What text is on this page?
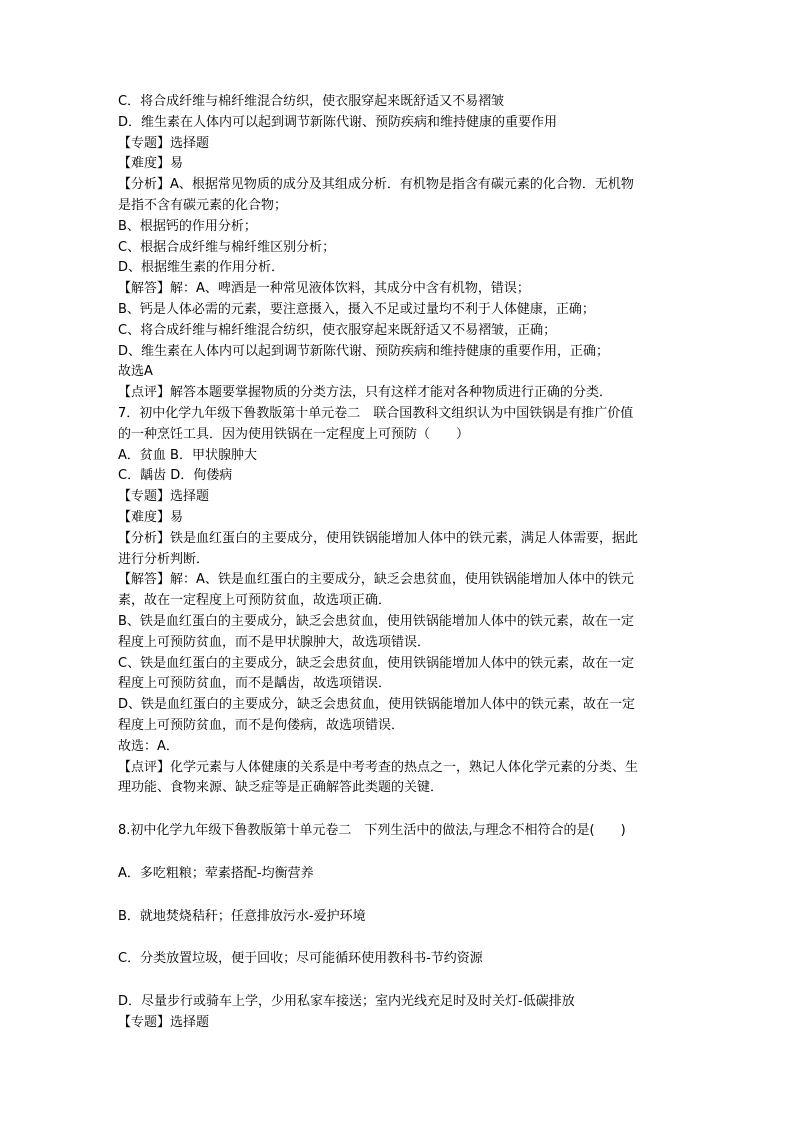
C．将合成纤维与棉纤维混合纺织，使衣服穿起来既舒适又不易褶皱

D．维生素在人体内可以起到调节新陈代谢、预防疾病和维持健康的重要作用

【专题】选择题

【难度】易

【分析】A、根据常见物质的成分及其组成分析．有机物是指含有碳元素的化合物．无机物

是指不含有碳元素的化合物；

B、根据钙的作用分析；

C、根据合成纤维与棉纤维区别分析；

D、根据维生素的作用分析．

【解答】解：A、啤酒是一种常见液体饮料，其成分中含有机物，错误；

B、钙是人体必需的元素，要注意摄入，摄入不足或过量均不利于人体健康，正确；

C、将合成纤维与棉纤维混合纺织，使衣服穿起来既舒适又不易褶皱，正确；

D、维生素在人体内可以起到调节新陈代谢、预防疾病和维持健康的重要作用，正确；

故选A

【点评】解答本题要掌握物质的分类方法，只有这样才能对各种物质进行正确的分类．

7．初中化学九年级下鲁教版第十单元卷二　联合国教科文组织认为中国铁锅是有推广价值

的一种烹饪工具．因为使用铁锅在一定程度上可预防（　　）

A．贫血 B．甲状腺肿大

C．龋齿 D．佝偻病

【专题】选择题

【难度】易

【分析】铁是血红蛋白的主要成分，使用铁锅能增加人体中的铁元素，满足人体需要，据此

进行分析判断．

【解答】解：A、铁是血红蛋白的主要成分，缺乏会患贫血，使用铁锅能增加人体中的铁元

素，故在一定程度上可预防贫血，故选项正确．

B、铁是血红蛋白的主要成分，缺乏会患贫血，使用铁锅能增加人体中的铁元素，故在一定

程度上可预防贫血，而不是甲状腺肿大，故选项错误．

C、铁是血红蛋白的主要成分，缺乏会患贫血，使用铁锅能增加人体中的铁元素，故在一定

程度上可预防贫血，而不是龋齿，故选项错误．

D、铁是血红蛋白的主要成分，缺乏会患贫血，使用铁锅能增加人体中的铁元素，故在一定

程度上可预防贫血，而不是佝偻病，故选项错误．

故选：A．

【点评】化学元素与人体健康的关系是中考考查的热点之一，熟记人体化学元素的分类、生

理功能、食物来源、缺乏症等是正确解答此类题的关键．

8.初中化学九年级下鲁教版第十单元卷二　下列生活中的做法,与理念不相符合的是(　　)

A．多吃粗粮；荤素搭配-均衡营养

B．就地焚烧秸秆；任意排放污水-爱护环境

C．分类放置垃圾，便于回收；尽可能循环使用教科书-节约资源

D．尽量步行或骑车上学，少用私家车接送；室内光线充足时及时关灯-低碳排放

【专题】选择题
